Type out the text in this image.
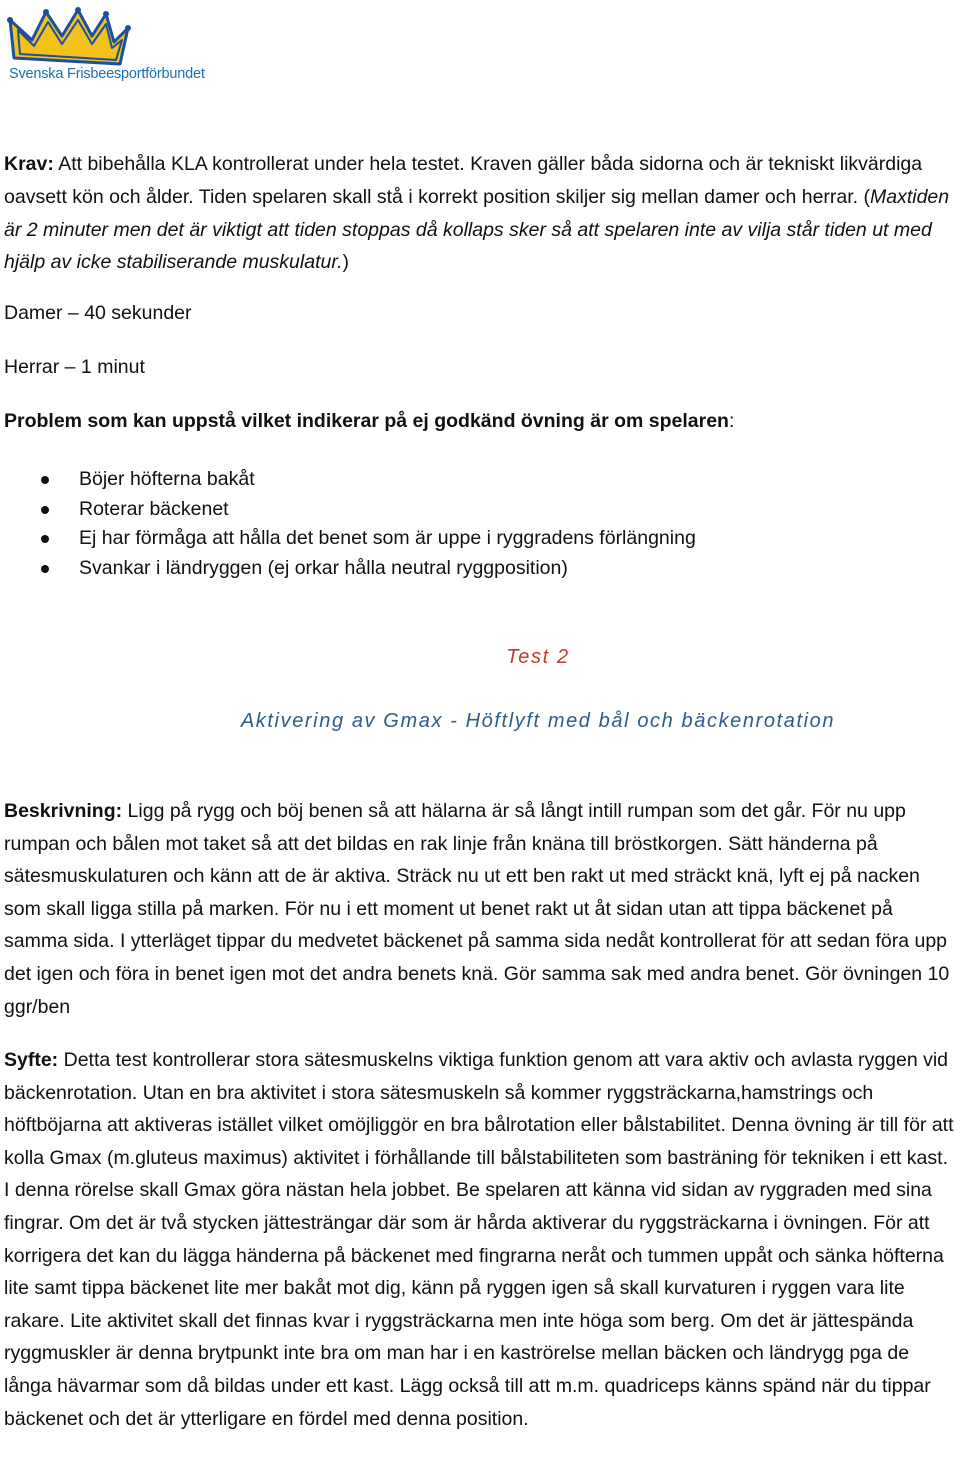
Svenska Frisbeesportförbundet

Krav: Att bibehålla KLA kontrollerat under hela testet. Kraven gäller båda sidorna och är tekniskt likvärdiga oavsett kön och ålder. Tiden spelaren skall stå i korrekt position skiljer sig mellan damer och herrar. (Maxtiden är 2 minuter men det är viktigt att tiden stoppas då kollaps sker så att spelaren inte av vilja står tiden ut med hjälp av icke stabiliserande muskulatur.)

Damer – 40 sekunder
Herrar – 1 minut
Problem som kan uppstå vilket indikerar på ej godkänd övning är om spelaren:
Böjer höfterna bakåt
Roterar bäckenet
Ej har förmåga att hålla det benet som är uppe i ryggradens förlängning
Svankar i ländryggen (ej orkar hålla neutral ryggposition)
Test 2
Aktivering av Gmax - Höftlyft med bål och bäckenrotation

Beskrivning: Ligg på rygg och böj benen så att hälarna är så långt intill rumpan som det går. För nu upp rumpan och bålen mot taket så att det bildas en rak linje från knäna till bröstkorgen. Sätt händerna på sätesmuskulaturen och känn att de är aktiva. Sträck nu ut ett ben rakt ut med sträckt knä, lyft ej på nacken som skall ligga stilla på marken. För nu i ett moment ut benet rakt ut åt sidan utan att tippa bäckenet på samma sida. I ytterläget tippar du medvetet bäckenet på samma sida nedåt kontrollerat för att sedan föra upp det igen och föra in benet igen mot det andra benets knä. Gör samma sak med andra benet. Gör övningen 10 ggr/ben

Syfte: Detta test kontrollerar stora sätesmuskelns viktiga funktion genom att vara aktiv och avlasta ryggen vid bäckenrotation. Utan en bra aktivitet i stora sätesmuskeln så kommer ryggsträckarna,hamstrings och höftböjarna att aktiveras istället vilket omöjliggör en bra bålrotation eller bålstabilitet. Denna övning är till för att kolla Gmax (m.gluteus maximus) aktivitet i förhållande till bålstabiliteten som basträning för tekniken i ett kast. I denna rörelse skall Gmax göra nästan hela jobbet. Be spelaren att känna vid sidan av ryggraden med sina fingrar. Om det är två stycken jättesträngar där som är hårda aktiverar du ryggsträckarna i övningen. För att korrigera det kan du lägga händerna på bäckenet med fingrarna neråt och tummen uppåt och sänka höfterna lite samt tippa bäckenet lite mer bakåt mot dig, känn på ryggen igen så skall kurvaturen i ryggen vara lite rakare. Lite aktivitet skall det finnas kvar i ryggsträckarna men inte höga som berg. Om det är jättespända ryggmuskler är denna brytpunkt inte bra om man har i en kaströrelse mellan bäcken och ländrygg pga de långa hävarmar som då bildas under ett kast. Lägg också till att m.m. quadriceps känns spänd när du tippar bäckenet och det är ytterligare en fördel med denna position.
